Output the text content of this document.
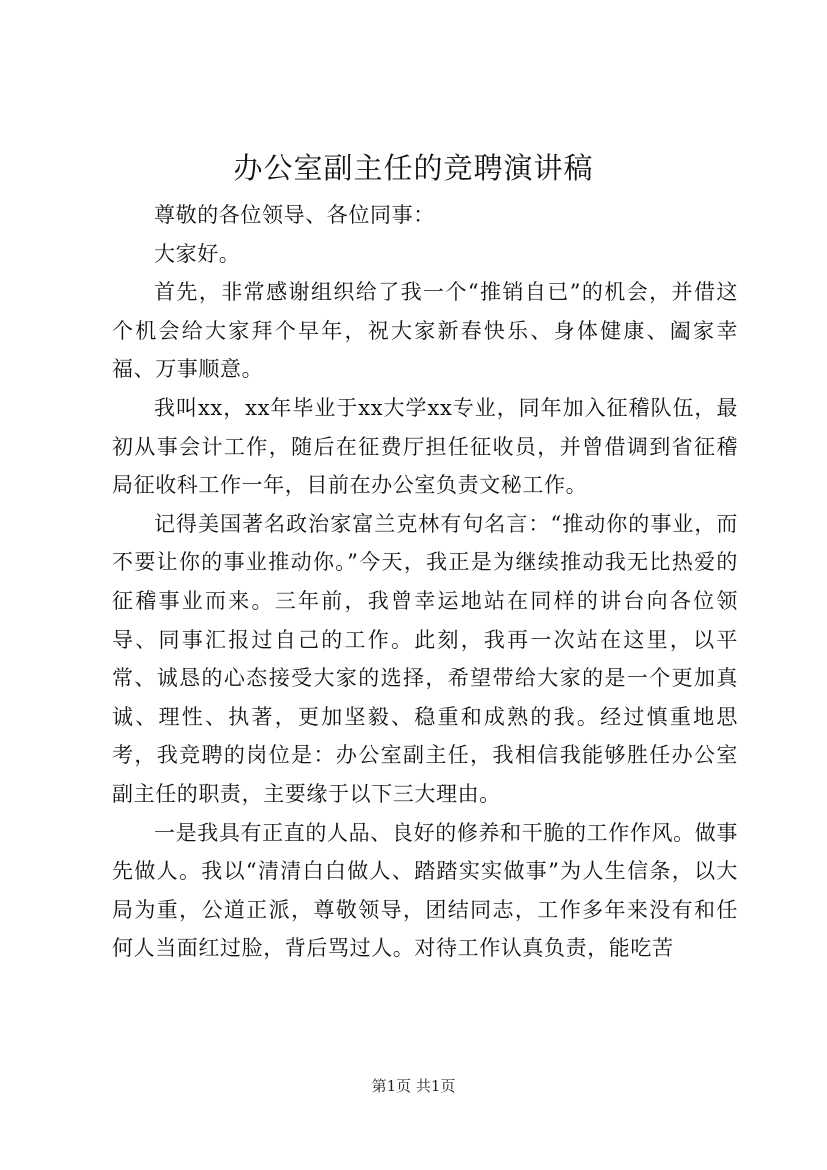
办公室副主任的竞聘演讲稿

尊敬的各位领导、各位同事：

大家好。

首先，非常感谢组织给了我一个“推销自已”的机会，并借这个机会给大家拜个早年，祝大家新春快乐、身体健康、阖家幸福、万事顺意。

我叫xx，xx年毕业于xx大学xx专业，同年加入征稽队伍，最初从事会计工作，随后在征费厅担任征收员，并曾借调到省征稽局征收科工作一年，目前在办公室负责文秘工作。

记得美国著名政治家富兰克林有句名言：“推动你的事业，而不要让你的事业推动你。”今天，我正是为继续推动我无比热爱的征稽事业而来。三年前，我曾幸运地站在同样的讲台向各位领导、同事汇报过自己的工作。此刻，我再一次站在这里，以平常、诚恳的心态接受大家的选择，希望带给大家的是一个更加真诚、理性、执著，更加坚毅、稳重和成熟的我。经过慎重地思考，我竞聘的岗位是：办公室副主任，我相信我能够胜任办公室副主任的职责，主要缘于以下三大理由。

一是我具有正直的人品、良好的修养和干脆的工作作风。做事先做人。我以“清清白白做人、踏踏实实做事”为人生信条，以大局为重，公道正派，尊敬领导，团结同志，工作多年来没有和任何人当面红过脸，背后骂过人。对待工作认真负责，能吃苦

第1页 共1页
